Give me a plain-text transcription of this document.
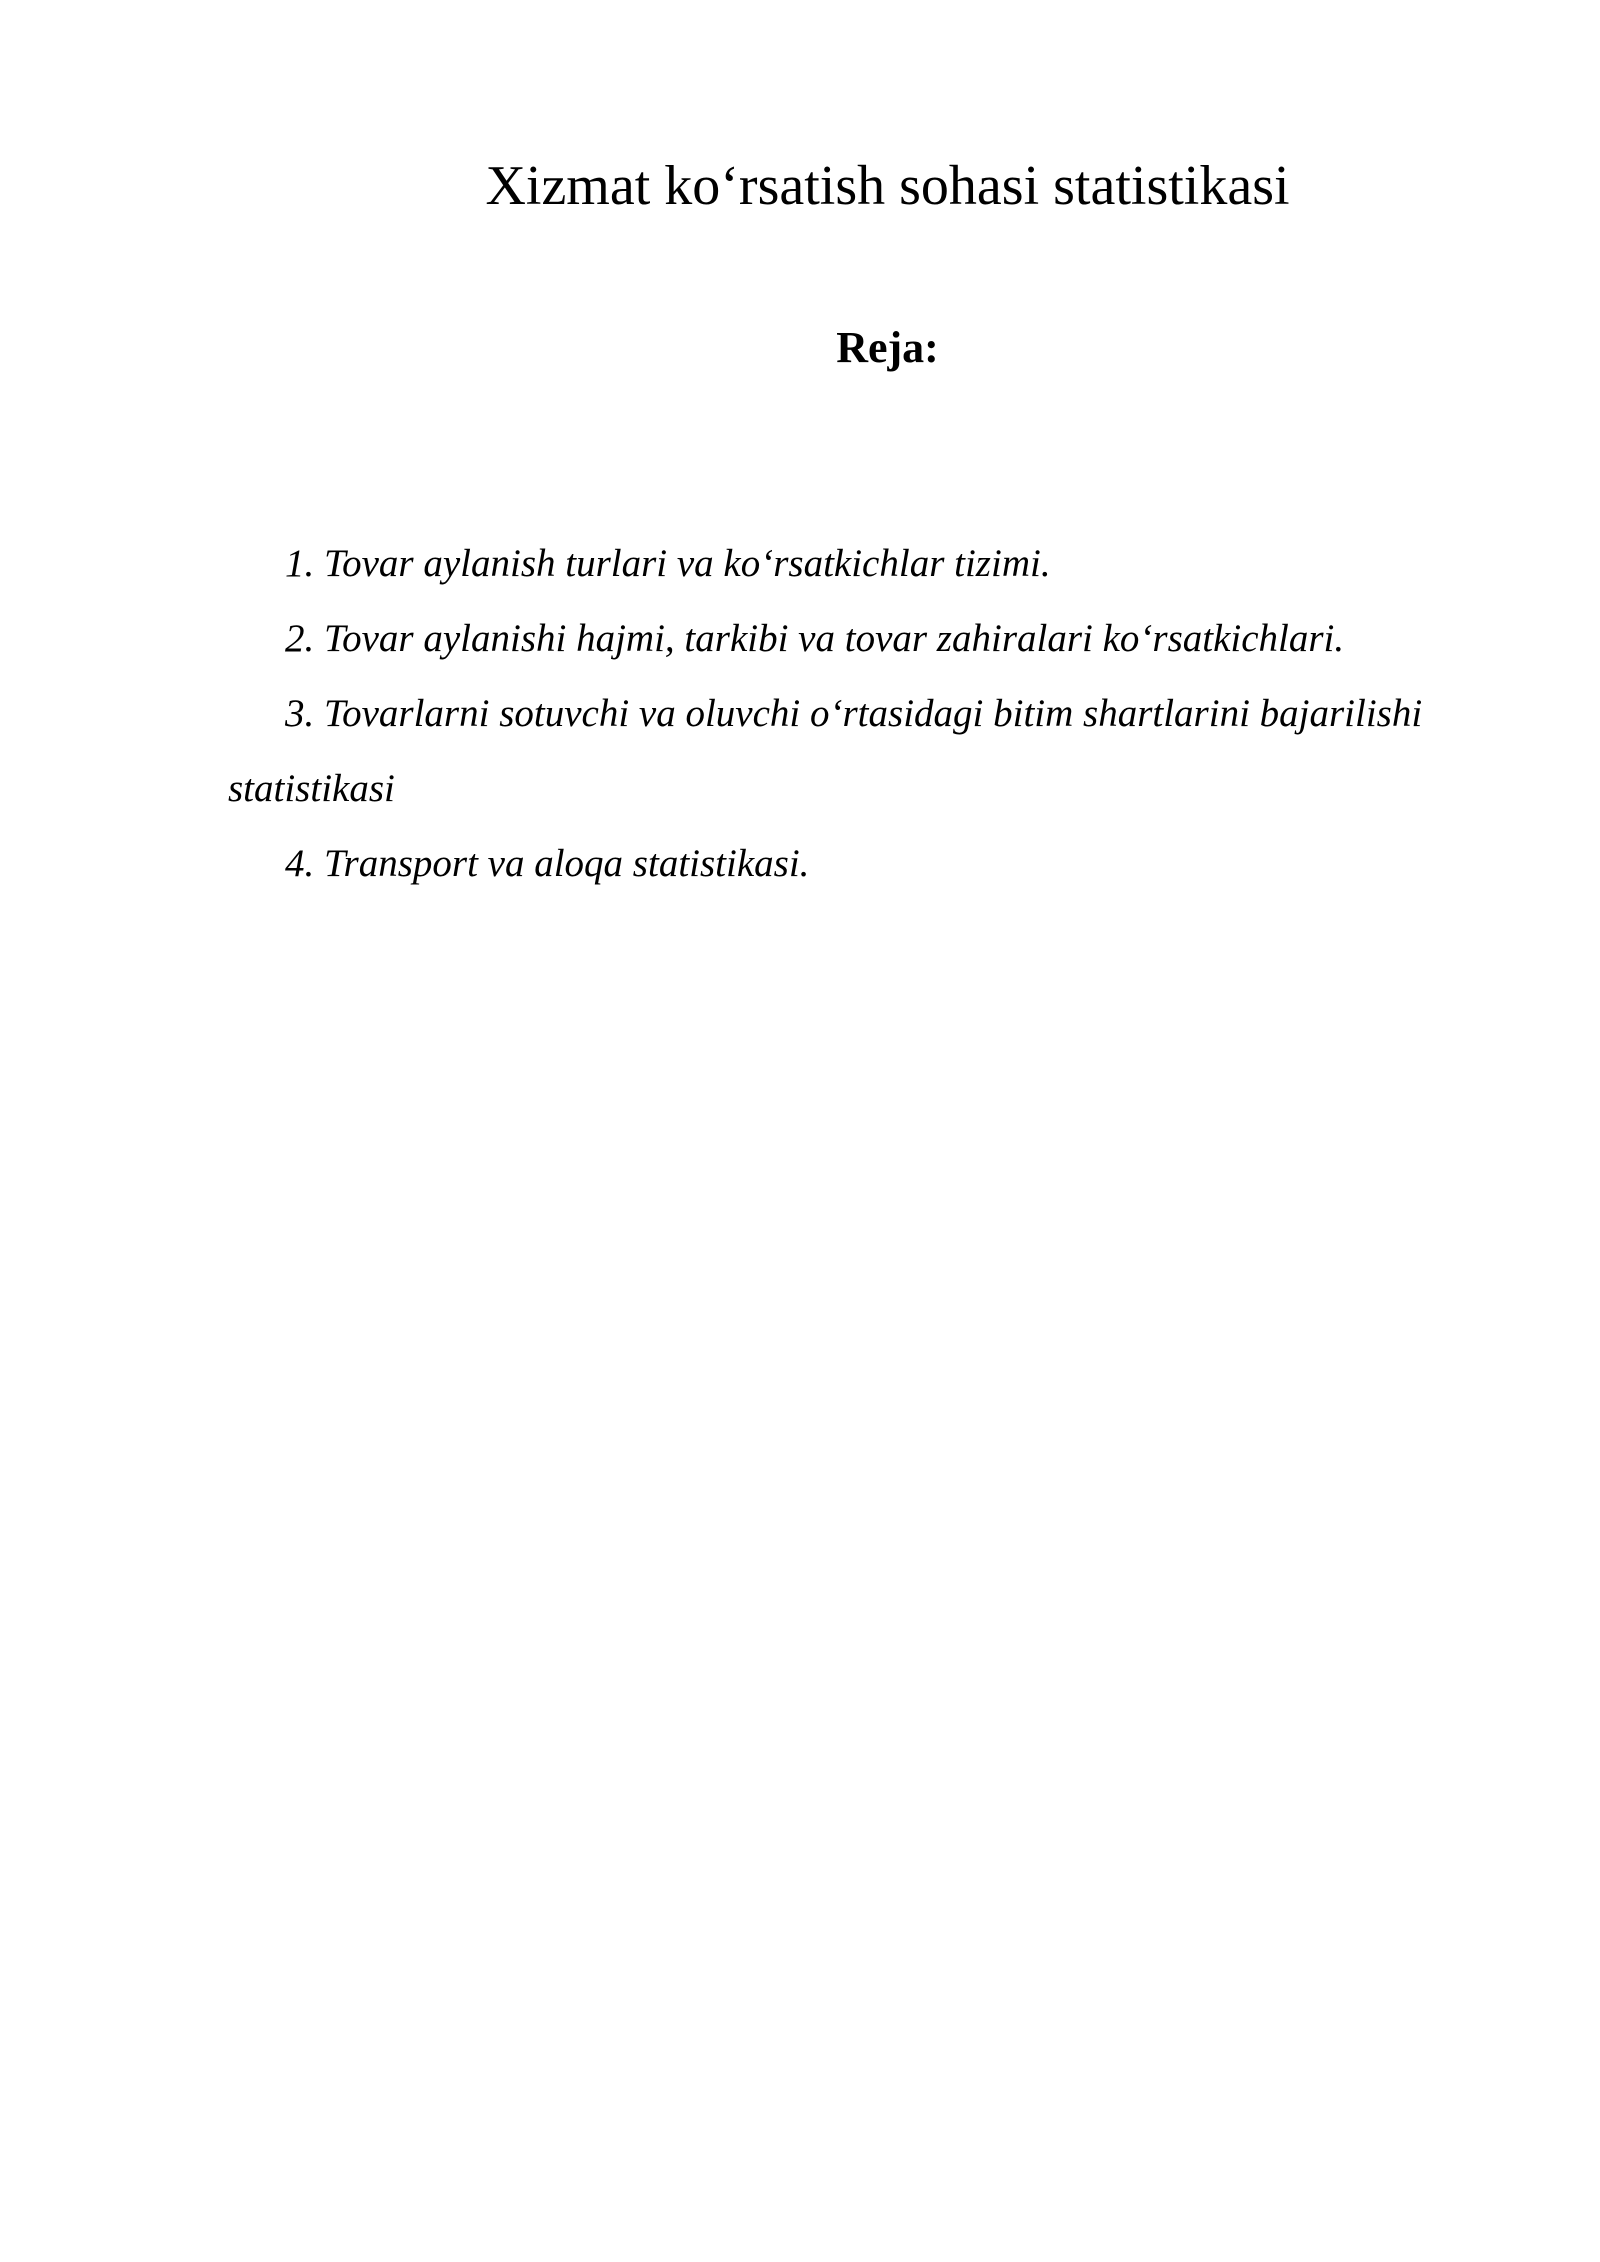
Xizmat ko‘rsatish sohasi statistikasi
Reja:
1. Tovar aylanish turlari va ko‘rsatkichlar tizimi.
2. Tovar aylanishi hajmi, tarkibi va tovar zahiralari ko‘rsatkichlari.
3. Tovarlarni sotuvchi va oluvchi o‘rtasidagi bitim shartlarini bajarilishi statistikasi
4. Transport va aloqa statistikasi.
